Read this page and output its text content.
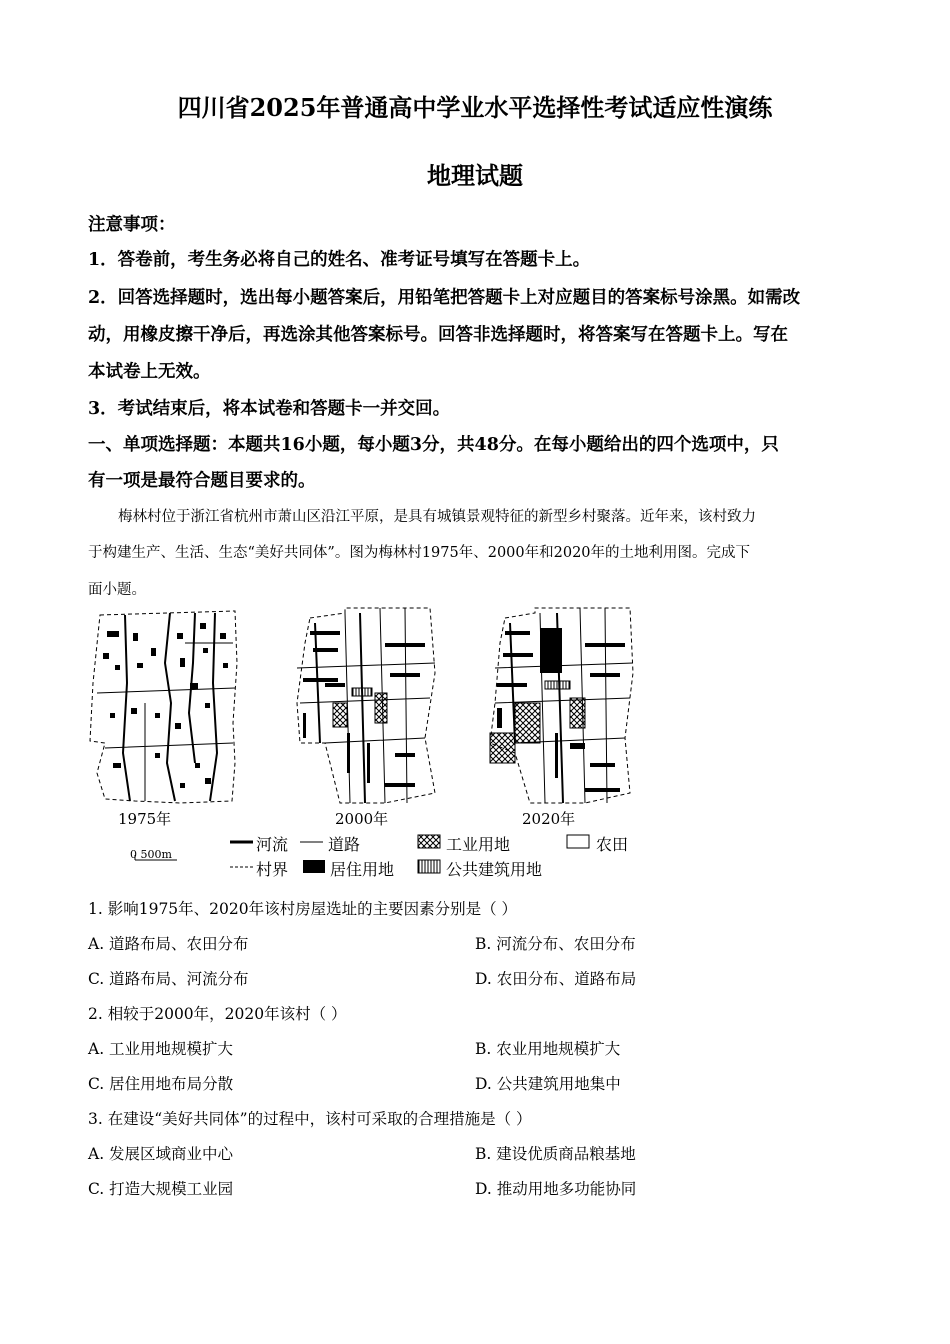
四川省2025年普通高中学业水平选择性考试适应性演练
地理试题
注意事项：
1．答卷前，考生务必将自己的姓名、准考证号填写在答题卡上。
2．回答选择题时，选出每小题答案后，用铅笔把答题卡上对应题目的答案标号涂黑。如需改
动，用橡皮擦干净后，再选涂其他答案标号。回答非选择题时，将答案写在答题卡上。写在
本试卷上无效。
3．考试结束后，将本试卷和答题卡一并交回。
一、单项选择题：本题共16小题，每小题3分，共48分。在每小题给出的四个选项中，只
有一项是最符合题目要求的。
梅林村位于浙江省杭州市萧山区沿江平原，是具有城镇景观特征的新型乡村聚落。近年来，该村致力
于构建生产、生活、生态“美好共同体”。图为梅林村1975年、2000年和2020年的土地利用图。完成下
面小题。
1975年	2000年	2020年
0 500m
河流 道路	工业用地	农田
村界	居住用地	公共建筑用地
1. 影响1975年、2020年该村房屋选址的主要因素分别是（ ）
A. 道路布局、农田分布	B. 河流分布、农田分布
C. 道路布局、河流分布	D. 农田分布、道路布局
2. 相较于2000年，2020年该村（ ）
A. 工业用地规模扩大	B. 农业用地规模扩大
C. 居住用地布局分散	D. 公共建筑用地集中
3. 在建设“美好共同体”的过程中，该村可采取的合理措施是（ ）
A. 发展区域商业中心	B. 建设优质商品粮基地
C. 打造大规模工业园	D. 推动用地多功能协同
